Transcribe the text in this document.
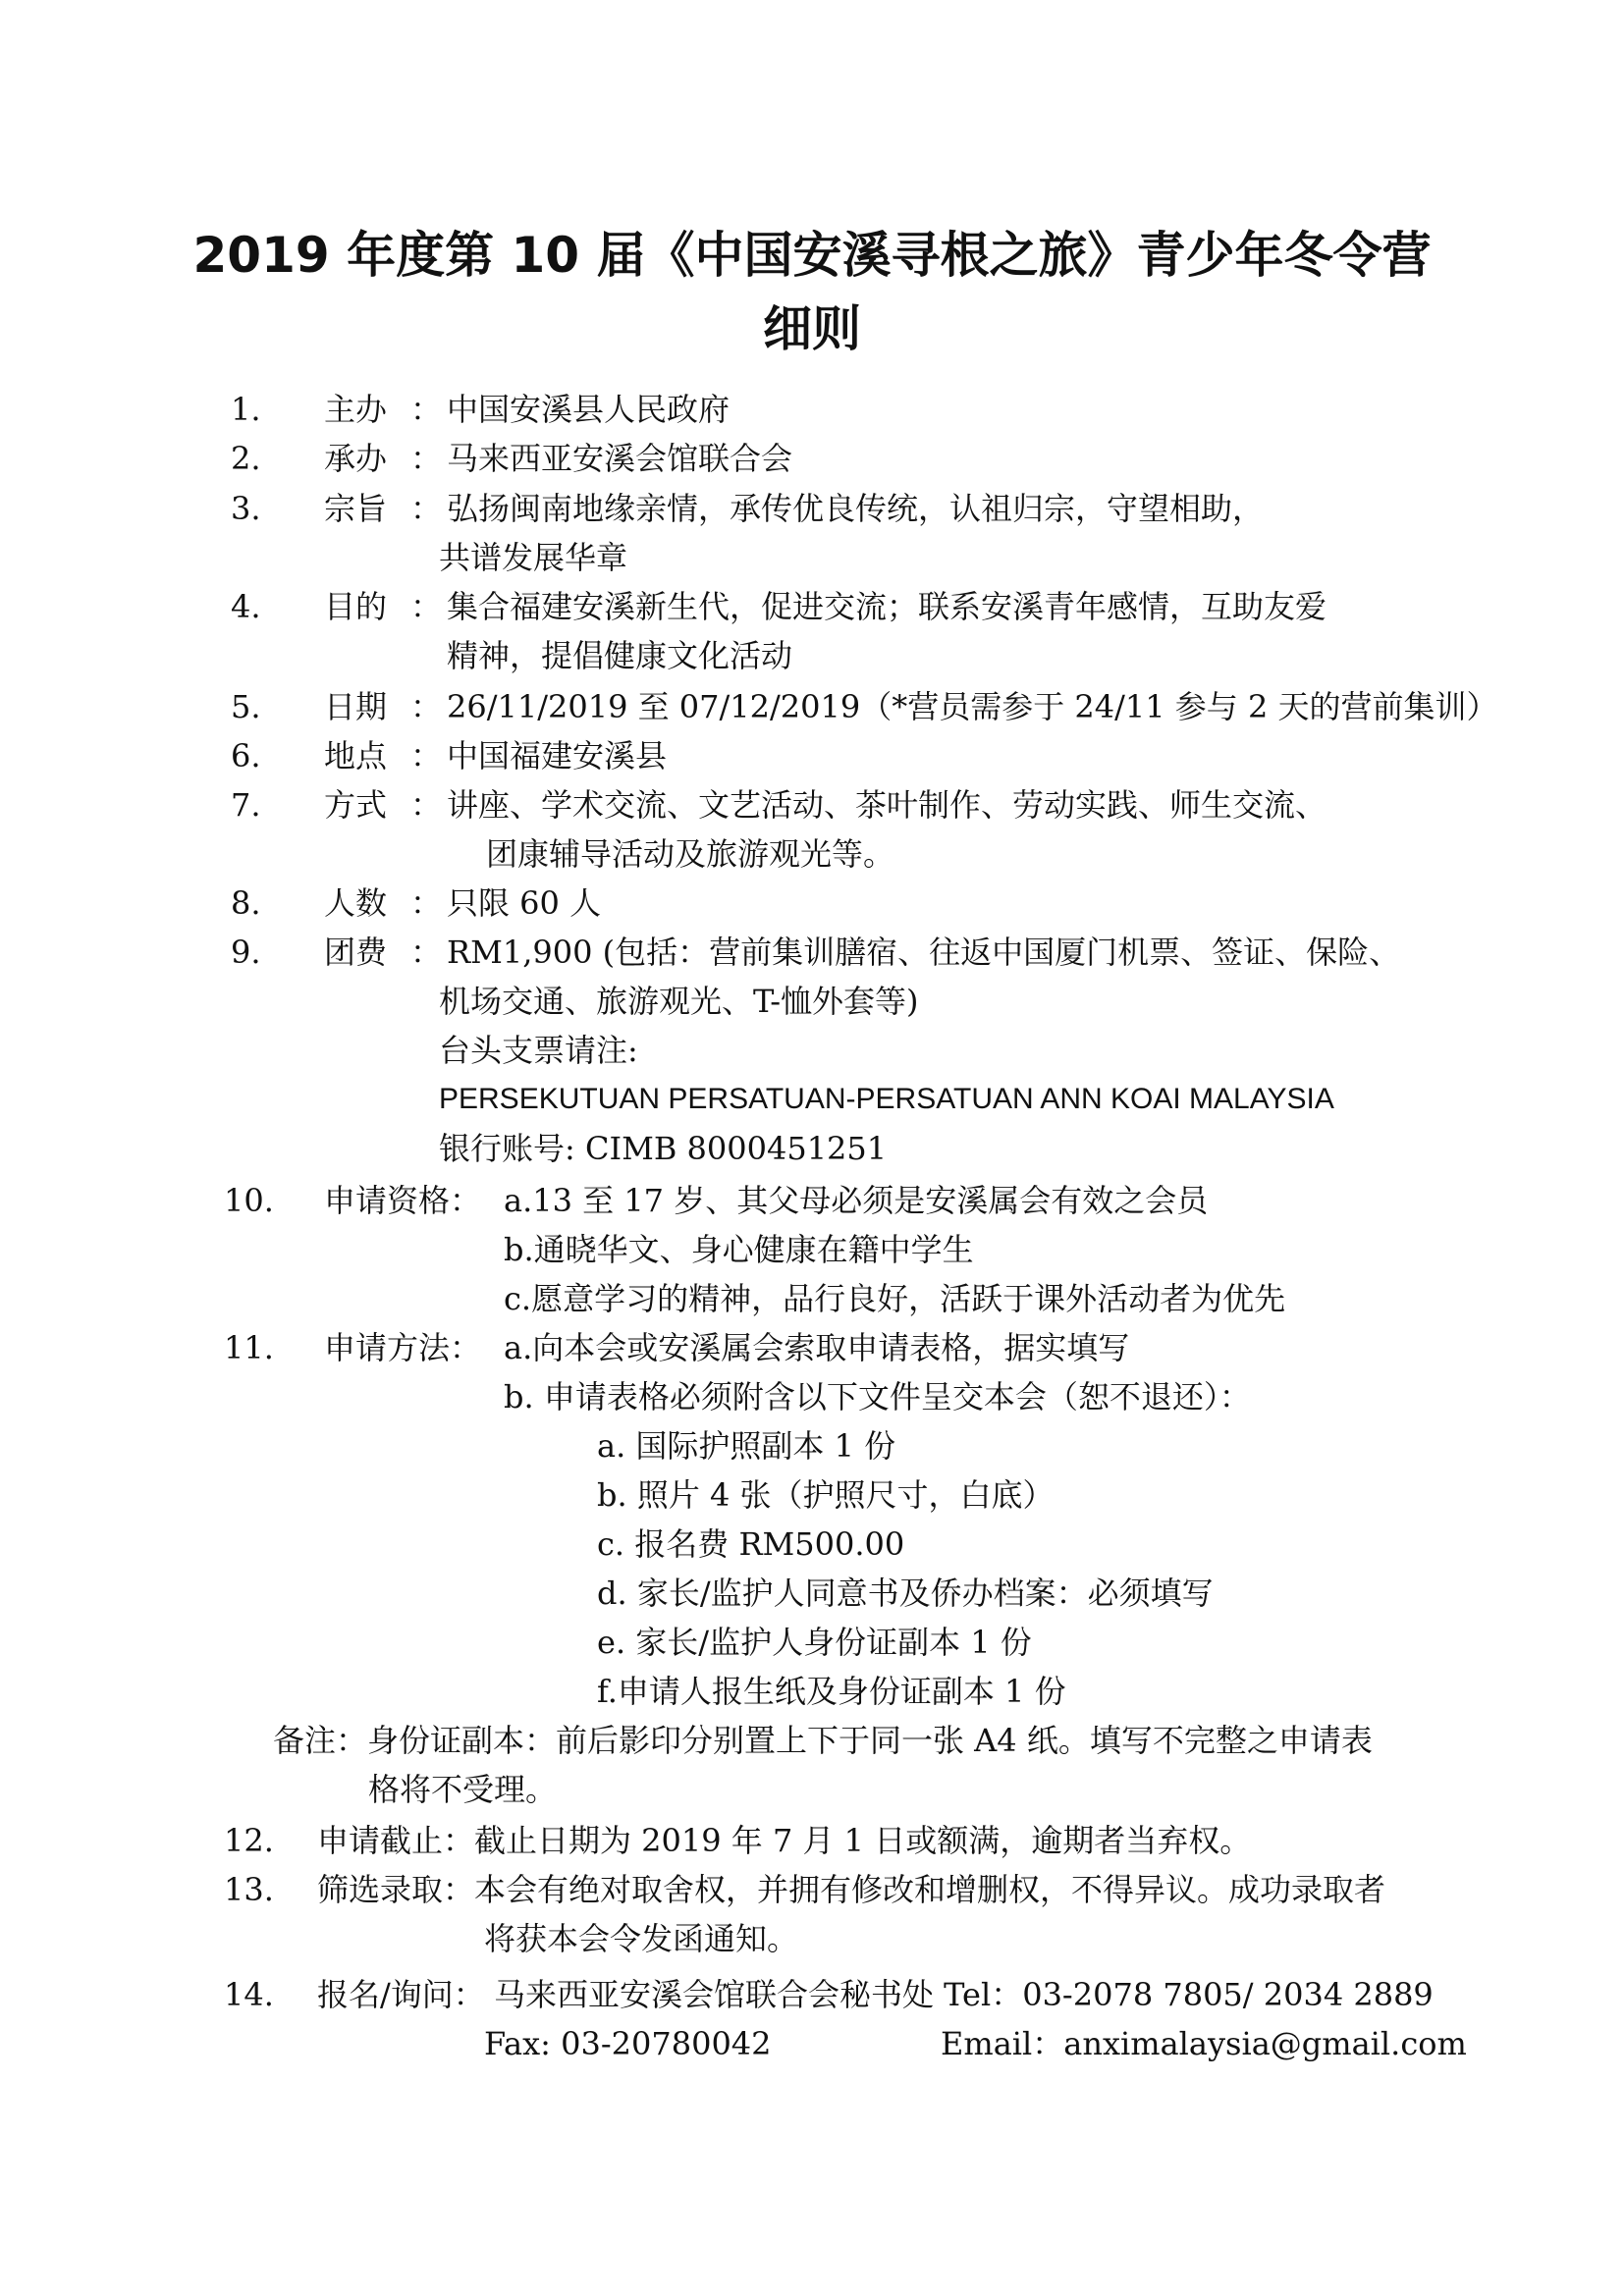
2019 年度第 10 届《中国安溪寻根之旅》青少年冬令营
细则
1. 主办 ： 中国安溪县人民政府
2. 承办 ： 马来西亚安溪会馆联合会
3. 宗旨 ： 弘扬闽南地缘亲情，承传优良传统，认祖归宗，守望相助，
共谱发展华章
4. 目的 ： 集合福建安溪新生代，促进交流；联系安溪青年感情，互助友爱
精神，提倡健康文化活动
5. 日期 ： 26/11/2019 至 07/12/2019（*营员需参于 24/11 参与 2 天的营前集训）
6. 地点 ： 中国福建安溪县
7. 方式 ： 讲座、学术交流、文艺活动、茶叶制作、劳动实践、师生交流、
团康辅导活动及旅游观光等。
8. 人数 ： 只限 60 人
9. 团费 ： RM1,900 (包括：营前集训膳宿、往返中国厦门机票、签证、保险、
机场交通、旅游观光、T-恤外套等)
台头支票请注:
PERSEKUTUAN PERSATUAN-PERSATUAN ANN KOAI MALAYSIA
银行账号: CIMB 8000451251
10. 申请资格： a.13 至 17 岁、其父母必须是安溪属会有效之会员
b.通晓华文、身心健康在籍中学生
c.愿意学习的精神，品行良好，活跃于课外活动者为优先
11. 申请方法： a.向本会或安溪属会索取申请表格，据实填写
b. 申请表格必须附含以下文件呈交本会（恕不退还）：
a. 国际护照副本 1 份
b. 照片 4 张（护照尺寸，白底）
c. 报名费 RM500.00
d. 家长/监护人同意书及侨办档案：必须填写
e. 家长/监护人身份证副本 1 份
f.申请人报生纸及身份证副本 1 份
备注：身份证副本：前后影印分别置上下于同一张 A4 纸。填写不完整之申请表
格将不受理。
12. 申请截止： 截止日期为 2019 年 7 月 1 日或额满，逾期者当弃权。
13. 筛选录取： 本会有绝对取舍权，并拥有修改和增删权，不得异议。成功录取者
将获本会令发函通知。
14. 报名/询问： 马来西亚安溪会馆联合会秘书处 Tel：03-2078 7805/ 2034 2889
Fax: 03-20780042	Email：anximalaysia@gmail.com
